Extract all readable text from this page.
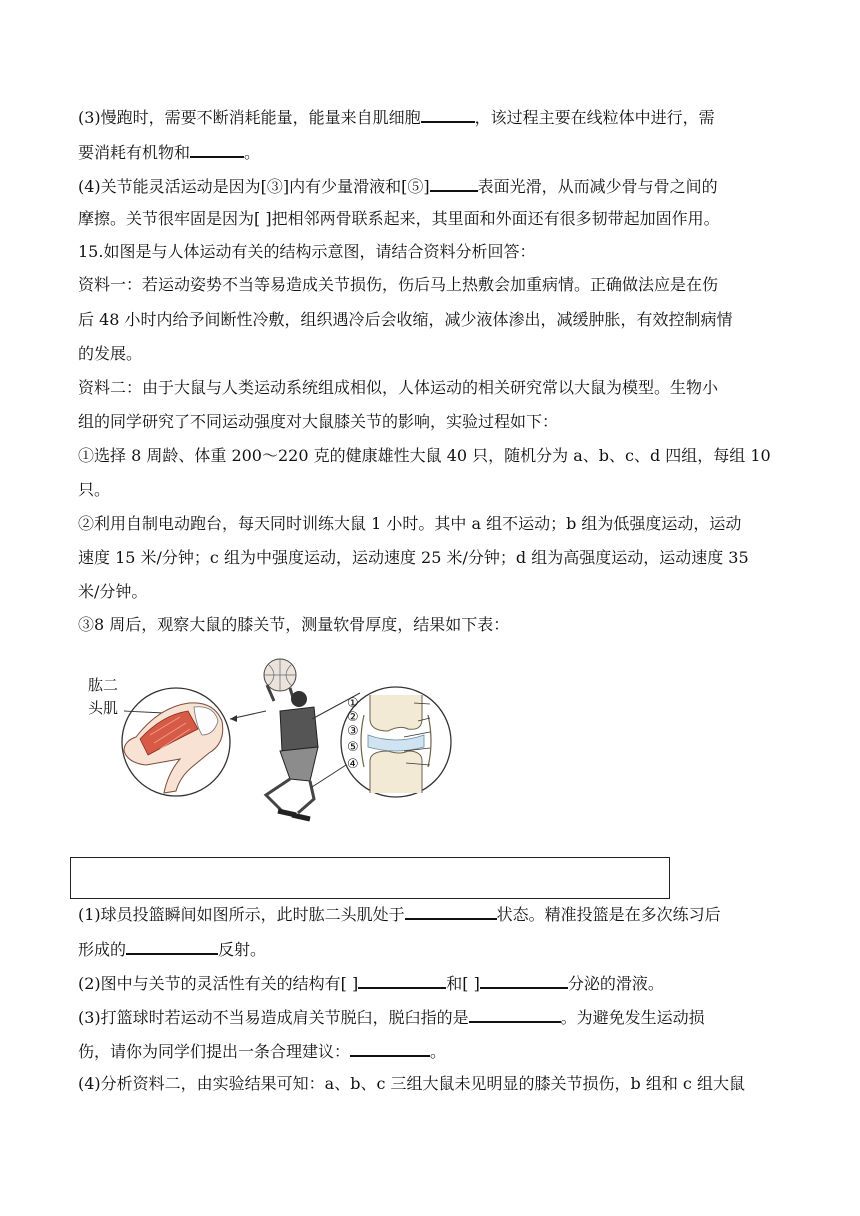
(3)慢跑时，需要不断消耗能量，能量来自肌细胞	，该过程主要在线粒体中进行，需
要消耗有机物和	。
(4)关节能灵活运动是因为[③]内有少量滑液和[⑤]	表面光滑，从而减少骨与骨之间的
摩擦。关节很牢固是因为[ ]把相邻两骨联系起来，其里面和外面还有很多韧带起加固作用。
15.如图是与人体运动有关的结构示意图，请结合资料分析回答：
资料一：若运动姿势不当等易造成关节损伤，伤后马上热敷会加重病情。正确做法应是在伤
后 48 小时内给予间断性冷敷，组织遇冷后会收缩，减少液体渗出，减缓肿胀，有效控制病情
的发展。
资料二：由于大鼠与人类运动系统组成相似，人体运动的相关研究常以大鼠为模型。生物小
组的同学研究了不同运动强度对大鼠膝关节的影响，实验过程如下：
①选择 8 周龄、体重 200～220 克的健康雄性大鼠 40 只，随机分为 a、b、c、d 四组，每组 10
只。
②利用自制电动跑台，每天同时训练大鼠 1 小时。其中 a 组不运动；b 组为低强度运动，运动
速度 15 米/分钟；c 组为中强度运动，运动速度 25 米/分钟；d 组为高强度运动，运动速度 35
米/分钟。
③8 周后，观察大鼠的膝关节，测量软骨厚度，结果如下表：
肱二
头肌	①
②
③
⑤
④
(1)球员投篮瞬间如图所示，此时肱二头肌处于	状态。精准投篮是在多次练习后
形成的	反射。
(2)图中与关节的灵活性有关的结构有[ ]	和[ ]	分泌的滑液。
(3)打篮球时若运动不当易造成肩关节脱臼，脱臼指的是	。为避免发生运动损
伤，请你为同学们提出一条合理建议：	。
(4)分析资料二，由实验结果可知：a、b、c 三组大鼠未见明显的膝关节损伤，b 组和 c 组大鼠
